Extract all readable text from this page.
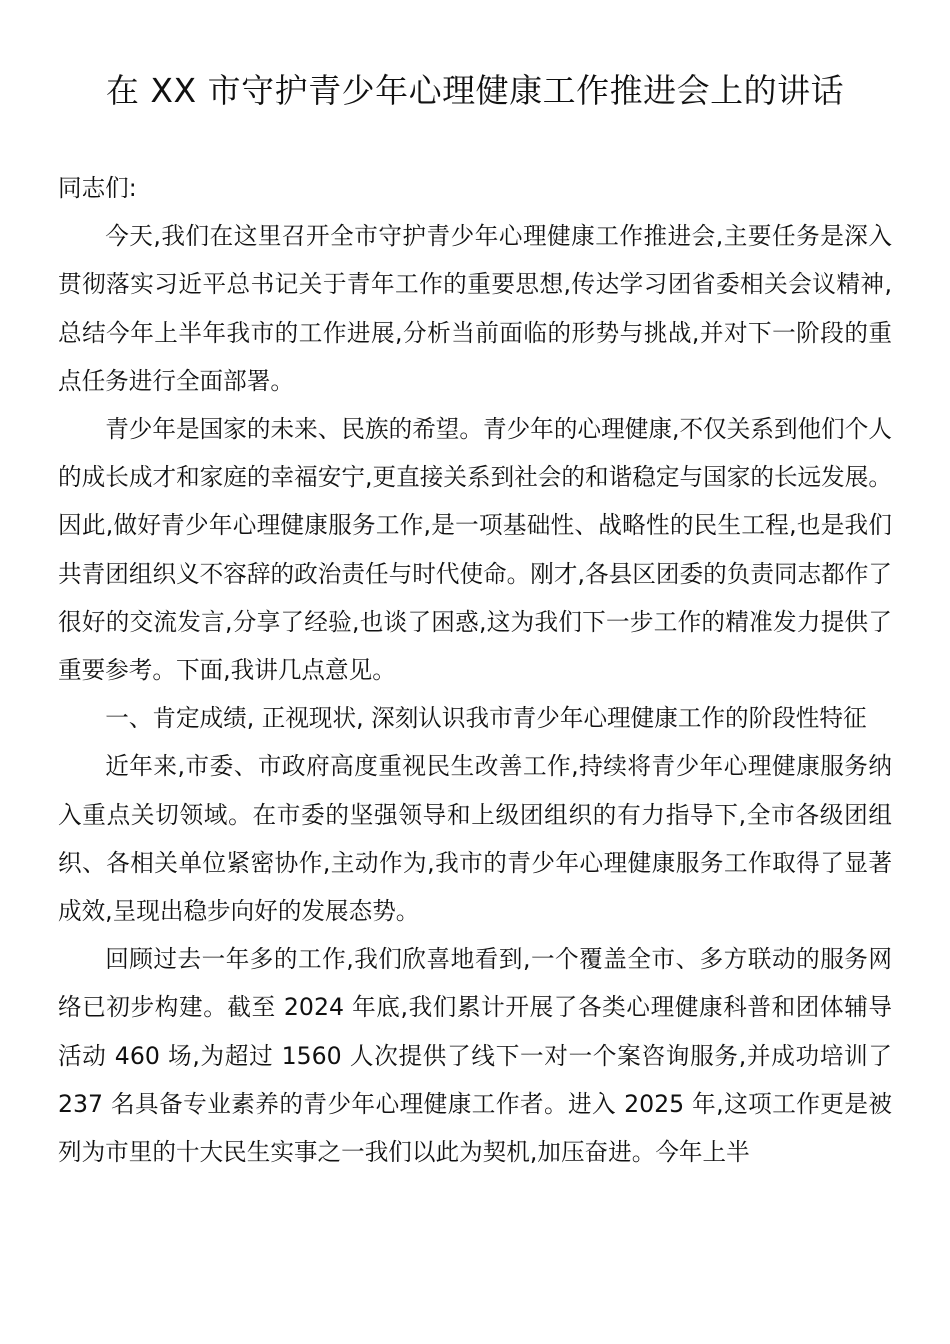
在 XX 市守护青少年心理健康工作推进会上的讲话

同志们:

今天,我们在这里召开全市守护青少年心理健康工作推进会,主要任务是深入贯彻落实习近平总书记关于青年工作的重要思想,传达学习团省委相关会议精神,总结今年上半年我市的工作进展,分析当前面临的形势与挑战,并对下一阶段的重点任务进行全面部署。

青少年是国家的未来、民族的希望。青少年的心理健康,不仅关系到他们个人的成长成才和家庭的幸福安宁,更直接关系到社会的和谐稳定与国家的长远发展。因此,做好青少年心理健康服务工作,是一项基础性、战略性的民生工程,也是我们共青团组织义不容辞的政治责任与时代使命。刚才,各县区团委的负责同志都作了很好的交流发言,分享了经验,也谈了困惑,这为我们下一步工作的精准发力提供了重要参考。下面,我讲几点意见。

一、肯定成绩, 正视现状, 深刻认识我市青少年心理健康工作的阶段性特征

近年来,市委、市政府高度重视民生改善工作,持续将青少年心理健康服务纳入重点关切领域。在市委的坚强领导和上级团组织的有力指导下,全市各级团组织、各相关单位紧密协作,主动作为,我市的青少年心理健康服务工作取得了显著成效,呈现出稳步向好的发展态势。

回顾过去一年多的工作,我们欣喜地看到,一个覆盖全市、多方联动的服务网络已初步构建。截至 2024 年底,我们累计开展了各类心理健康科普和团体辅导活动 460 场,为超过 1560 人次提供了线下一对一个案咨询服务,并成功培训了 237 名具备专业素养的青少年心理健康工作者。进入 2025 年,这项工作更是被列为市里的十大民生实事之一我们以此为契机,加压奋进。今年上半
